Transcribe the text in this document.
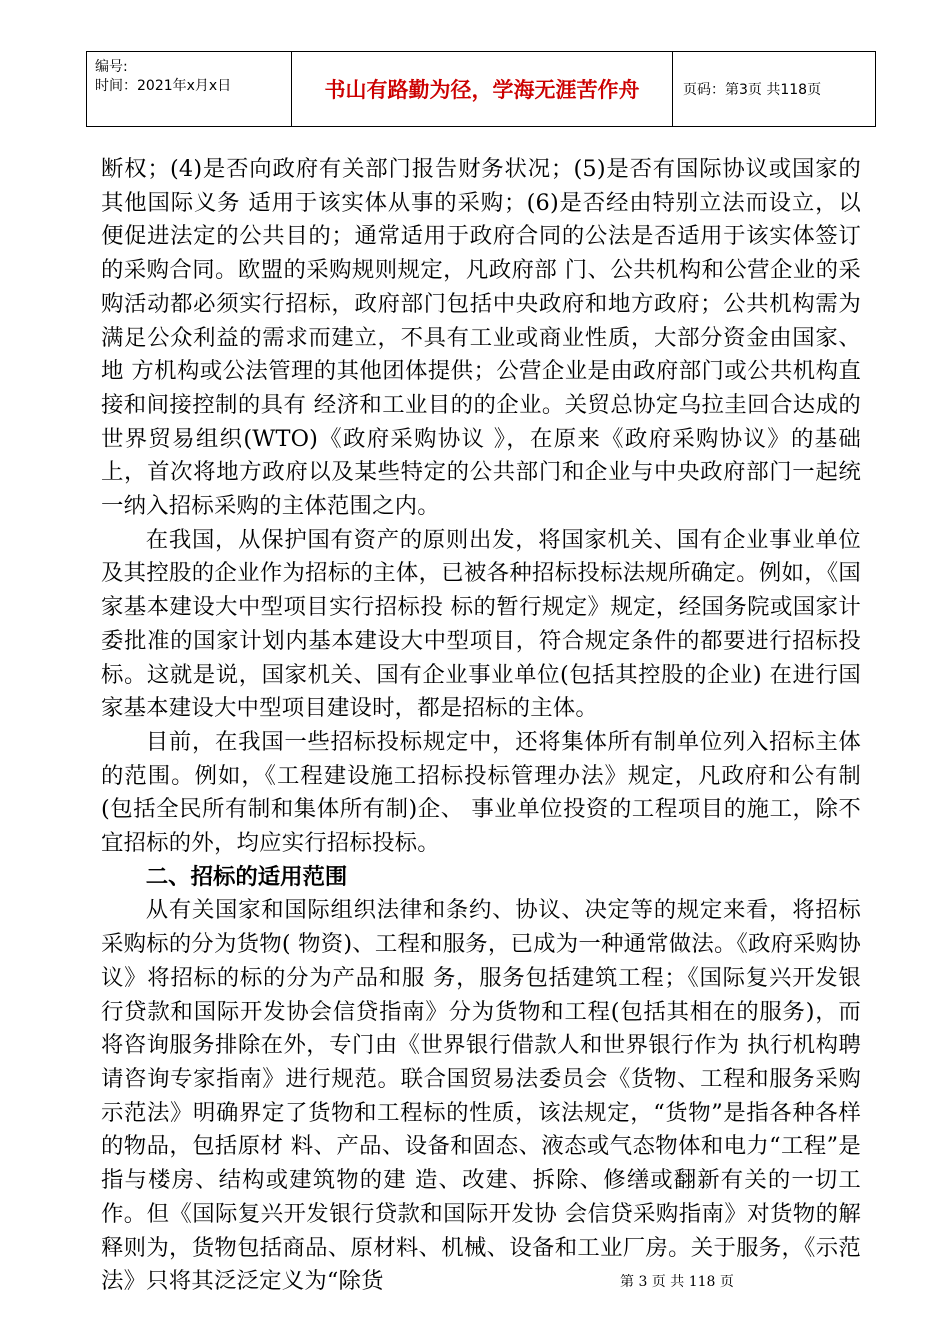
编号:
时间：2021年x月x日	书山有路勤为径，学海无涯苦作舟	页码：第3页 共118页

断权；(4)是否向政府有关部门报告财务状况；(5)是否有国际协议或国家的其他国际义务 适用于该实体从事的采购；(6)是否经由特别立法而设立，以便促进法定的公共目的；通常适用于政府合同的公法是否适用于该实体签订的采购合同。欧盟的采购规则规定，凡政府部 门、公共机构和公营企业的采购活动都必须实行招标，政府部门包括中央政府和地方政府；公共机构需为满足公众利益的需求而建立，不具有工业或商业性质，大部分资金由国家、地 方机构或公法管理的其他团体提供；公营企业是由政府部门或公共机构直接和间接控制的具有 经济和工业目的的企业。关贸总协定乌拉圭回合达成的世界贸易组织(WTO)《政府采购协议 》，在原来《政府采购协议》的基础上，首次将地方政府以及某些特定的公共部门和企业与中央政府部门一起统一纳入招标采购的主体范围之内。

在我国，从保护国有资产的原则出发，将国家机关、国有企业事业单位及其控股的企业作为招标的主体，已被各种招标投标法规所确定。例如，《国家基本建设大中型项目实行招标投 标的暂行规定》规定，经国务院或国家计委批准的国家计划内基本建设大中型项目，符合规定条件的都要进行招标投标。这就是说，国家机关、国有企业事业单位(包括其控股的企业) 在进行国家基本建设大中型项目建设时，都是招标的主体。

目前，在我国一些招标投标规定中，还将集体所有制单位列入招标主体的范围。例如，《工程建设施工招标投标管理办法》规定，凡政府和公有制(包括全民所有制和集体所有制)企、 事业单位投资的工程项目的施工，除不宜招标的外，均应实行招标投标。

二、招标的适用范围

从有关国家和国际组织法律和条约、协议、决定等的规定来看，将招标采购标的分为货物( 物资)、工程和服务，已成为一种通常做法。《政府采购协议》将招标的标的分为产品和服 务，服务包括建筑工程；《国际复兴开发银行贷款和国际开发协会信贷指南》分为货物和工程(包括其相在的服务)，而将咨询服务排除在外，专门由《世界银行借款人和世界银行作为 执行机构聘请咨询专家指南》进行规范。联合国贸易法委员会《货物、工程和服务采购示范法》明确界定了货物和工程标的性质，该法规定，“货物”是指各种各样的物品，包括原材 料、产品、设备和固态、液态或气态物体和电力“工程”是指与楼房、结构或建筑物的建 造、改建、拆除、修缮或翻新有关的一切工作。但《国际复兴开发银行贷款和国际开发协 会信贷采购指南》对货物的解释则为，货物包括商品、原材料、机械、设备和工业厂房。关于服务，《示范法》只将其泛泛定义为“除货	第 3 页 共 118 页
